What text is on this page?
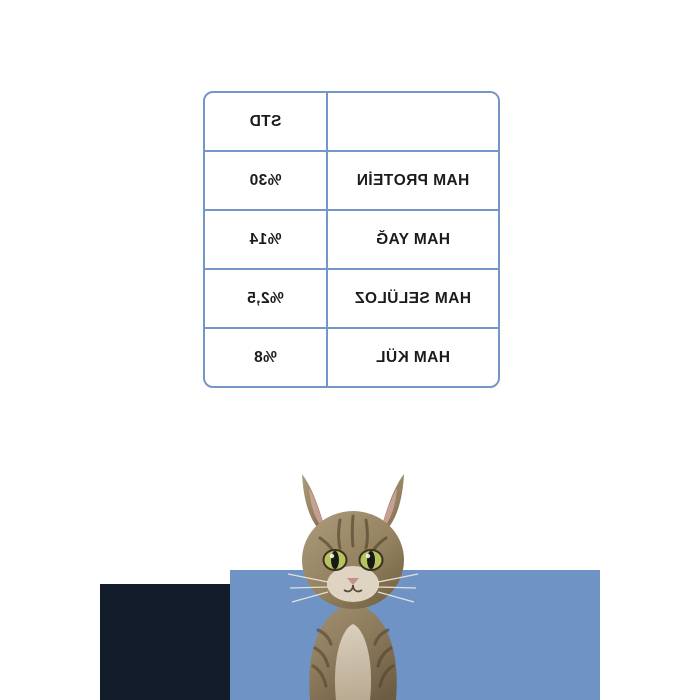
	STD
HAM PROTEİN	%30
HAM YAĞ	%14
HAM SELÜLOZ	%2,5
HAM KÜL	%8
